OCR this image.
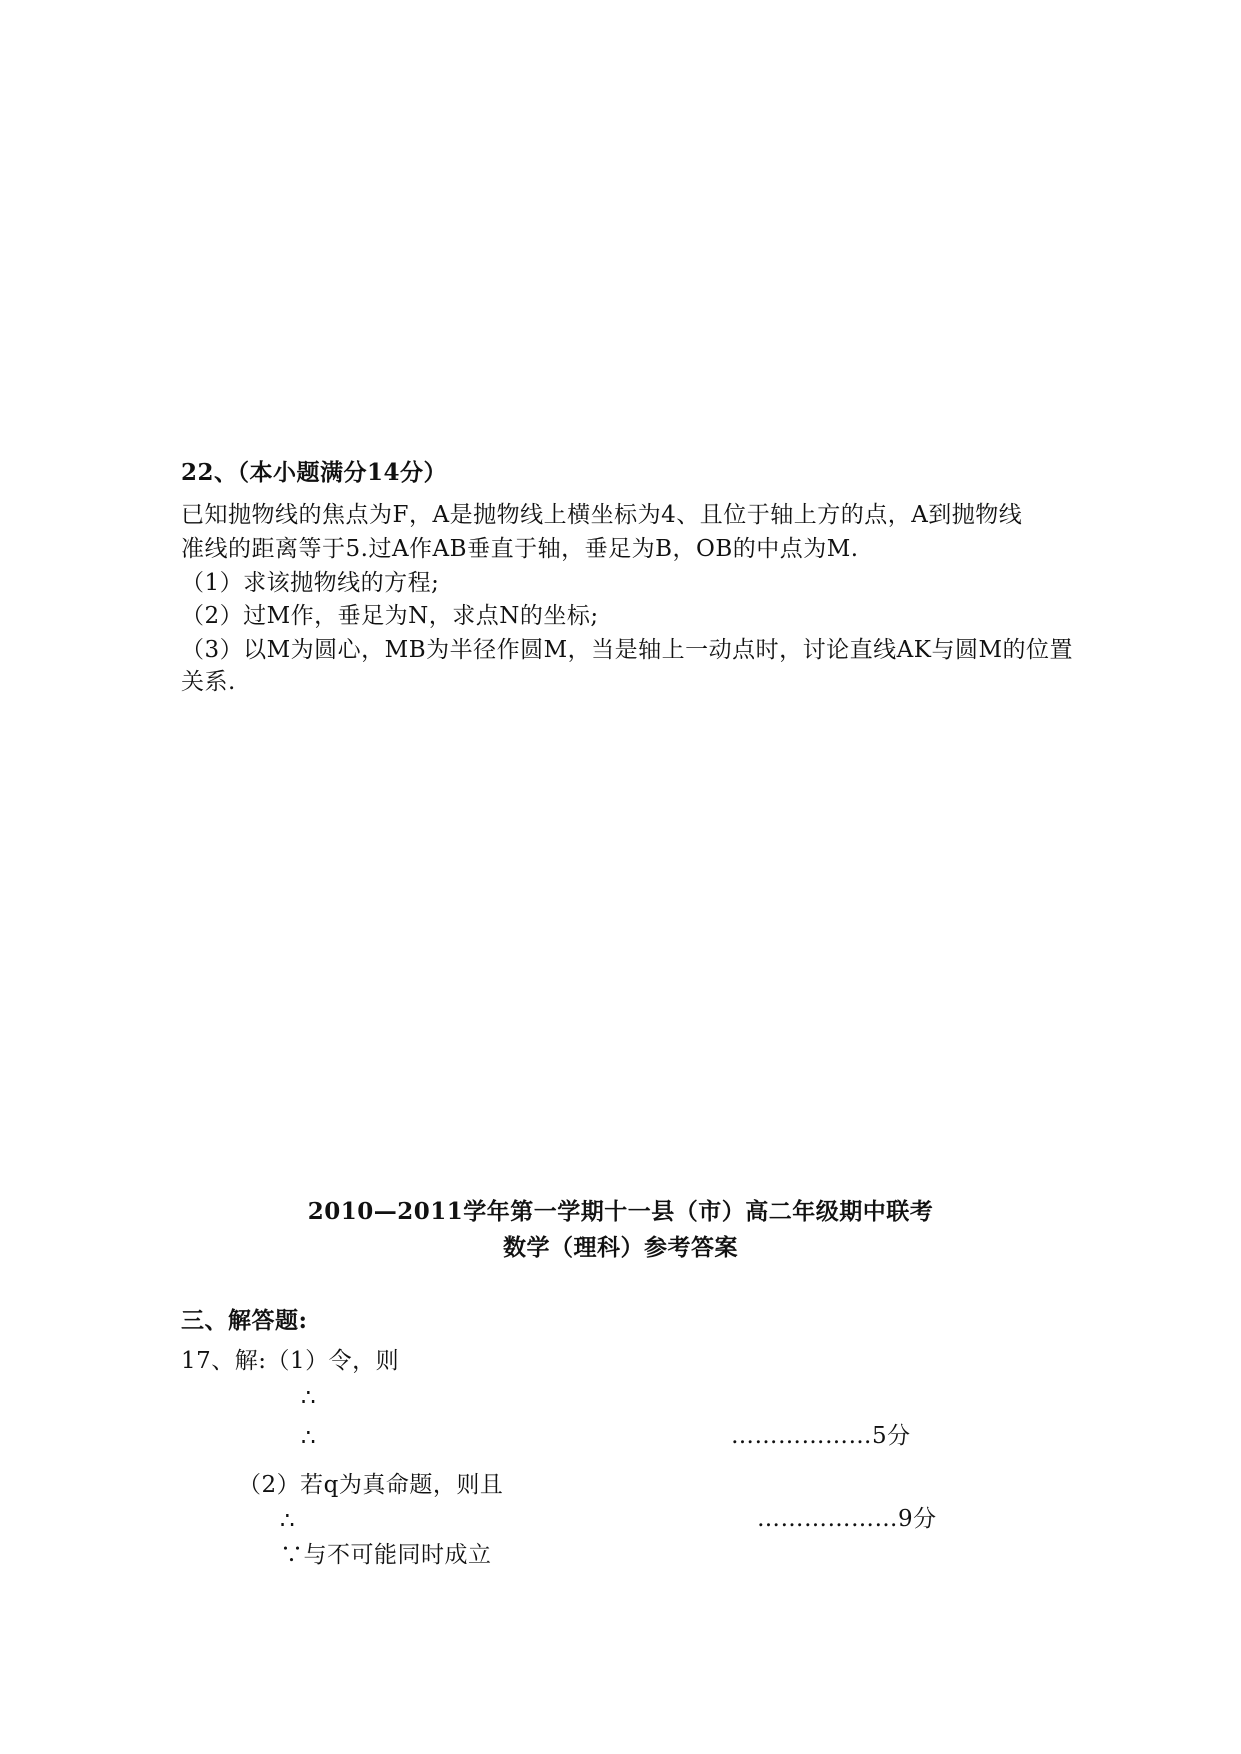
22、（本小题满分14分）
已知抛物线的焦点为F，A是抛物线上横坐标为4、且位于轴上方的点，A到抛物线
准线的距离等于5.过A作AB垂直于轴，垂足为B，OB的中点为M.
（1）求该抛物线的方程;
（2）过M作，垂足为N，求点N的坐标;
（3）以M为圆心，MB为半径作圆M，当是轴上一动点时，讨论直线AK与圆M的位置
关系.
2010—2011学年第一学期十一县（市）高二年级期中联考
数学（理科）参考答案
三、解答题:
17、解:（1）令，则
∴
∴	………………5分
（2）若q为真命题，则且
∴	………………9分
∵与不可能同时成立
